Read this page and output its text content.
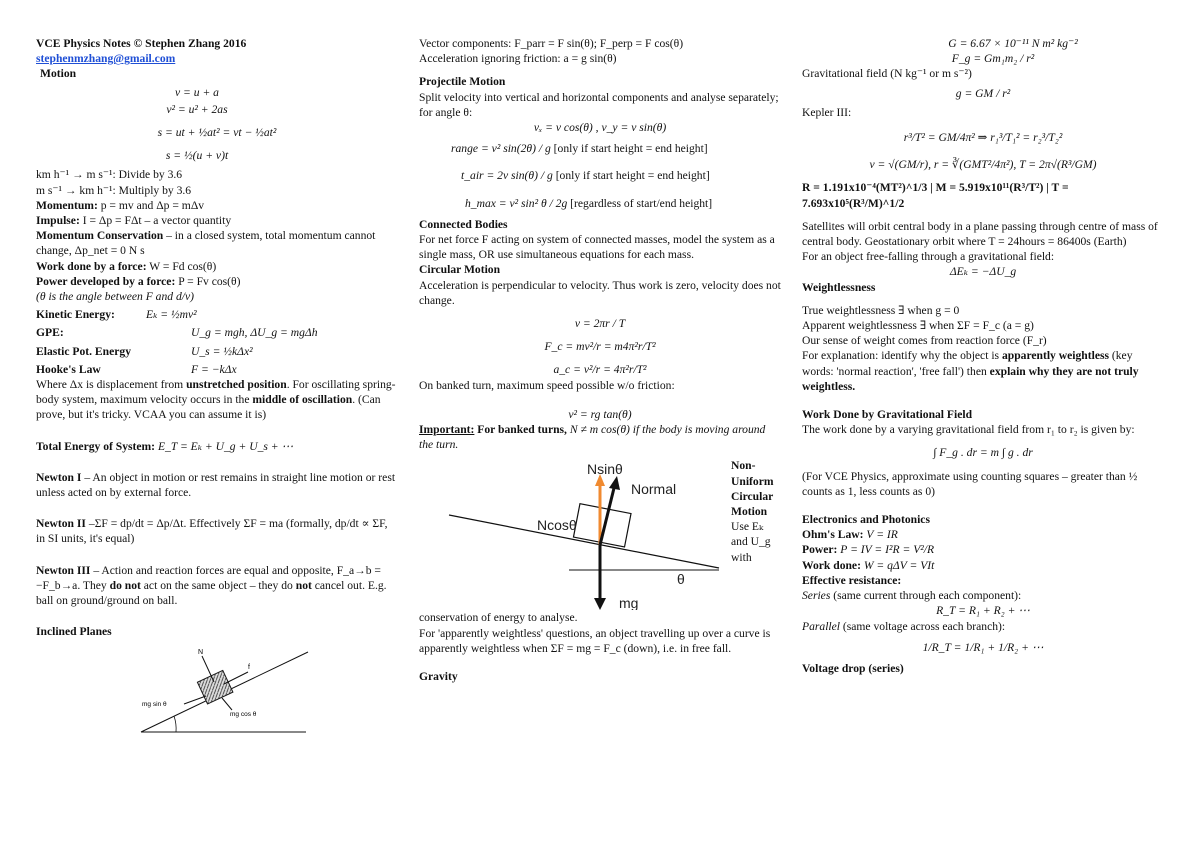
VCE Physics Notes © Stephen Zhang 2016

stephenmzhang@gmail.com

Motion

v = u + a

v² = u² + 2as

s = ut + ½at² = vt − ½at²

s = ½(u + v)t

km h⁻¹ → m s⁻¹: Divide by 3.6

m s⁻¹ → km h⁻¹: Multiply by 3.6

Momentum: p = mv and Δp = mΔv

Impulse: I = Δp = FΔt – a vector quantity

Momentum Conservation – in a closed system, total momentum cannot change, Δp_net = 0 N s

Work done by a force: W = Fd cos(θ)

Power developed by a force: P = Fv cos(θ)

(θ is the angle between F and d/v)

Kinetic Energy:	Eₖ = ½mv²
GPE:	U_g = mgh, ΔU_g = mgΔh
Elastic Pot. Energy	U_s = ½kΔx²
Hooke's Law	F = −kΔx

Where Δx is displacement from unstretched position. For oscillating spring-body system, maximum velocity occurs in the middle of oscillation. (Can prove, but it's tricky. VCAA you can assume it is)

Total Energy of System: E_T = Eₖ + U_g + U_s + ⋯

Newton I – An object in motion or rest remains in straight line motion or rest unless acted on by external force.

Newton II –ΣF = dp/dt = Δp/Δt. Effectively ΣF = ma (formally, dp/dt ∝ ΣF, in SI units, it's equal)

Newton III – Action and reaction forces are equal and opposite, F_a→b = −F_b→a. They do not act on the same object – they do not cancel out. E.g. ball on ground/ground on ball.

Inclined Planes

N
f
mg sin θ
mg cos θ

Vector components: F_parr = F sin(θ); F_perp = F cos(θ)

Acceleration ignoring friction: a = g sin(θ)

Projectile Motion

Split velocity into vertical and horizontal components and analyse separately; for angle θ:

vₓ = v cos(θ) , v_y = v sin(θ)

range = v² sin(2θ) / g [only if start height = end height]

t_air = 2v sin(θ) / g [only if start height = end height]

h_max = v² sin² θ / 2g [regardless of start/end height]

Connected Bodies

For net force F acting on system of connected masses, model the system as a single mass, OR use simultaneous equations for each mass.

Circular Motion

Acceleration is perpendicular to velocity. Thus work is zero, velocity does not change.

v = 2πr / T

F_c = mv²/r = m4π²r/T²

a_c = v²/r = 4π²r/T²

On banked turn, maximum speed possible w/o friction:

v² = rg tan(θ)

Important: For banked turns, N ≠ m cos(θ) if the body is moving around the turn.

Nsinθ
Normal
Ncosθ
mg
θ

Non-Uniform Circular Motion

Use Eₖ and U_g with

conservation of energy to analyse.

For 'apparently weightless' questions, an object travelling up over a curve is apparently weightless when ΣF = mg = F_c (down), i.e. in free fall.

Gravity

G = 6.67 × 10⁻¹¹ N m² kg⁻²

F_g = Gm₁m₂ / r²

Gravitational field (N kg⁻¹ or m s⁻²)

g = GM / r²

Kepler III:

r³/T² = GM/4π² ⇒ r₁³/T₁² = r₂³/T₂²

v = √(GM/r), r = ∛(GMT²/4π²), T = 2π√(R³/GM)

R = 1.191x10⁻⁴(MT²)^1/3 | M = 5.919x10¹¹(R³/T²) | T = 7.693x10⁵(R³/M)^1/2

Satellites will orbit central body in a plane passing through centre of mass of central body. Geostationary orbit where T = 24hours = 86400s (Earth)

For an object free-falling through a gravitational field:

ΔEₖ = −ΔU_g

Weightlessness

True weightlessness ∃ when g = 0

Apparent weightlessness ∃ when ΣF = F_c (a = g)

Our sense of weight comes from reaction force (F_r)

For explanation: identify why the object is apparently weightless (key words: 'normal reaction', 'free fall') then explain why they are not truly weightless.

Work Done by Gravitational Field

The work done by a varying gravitational field from r₁ to r₂ is given by:

∫ F_g . dr = m ∫ g . dr

(For VCE Physics, approximate using counting squares – greater than ½ counts as 1, less counts as 0)

Electronics and Photonics

Ohm's Law: V = IR

Power: P = IV = I²R = V²/R

Work done: W = qΔV = VIt

Effective resistance:

Series (same current through each component):

R_T = R₁ + R₂ + ⋯

Parallel (same voltage across each branch):

1/R_T = 1/R₁ + 1/R₂ + ⋯

Voltage drop (series)
